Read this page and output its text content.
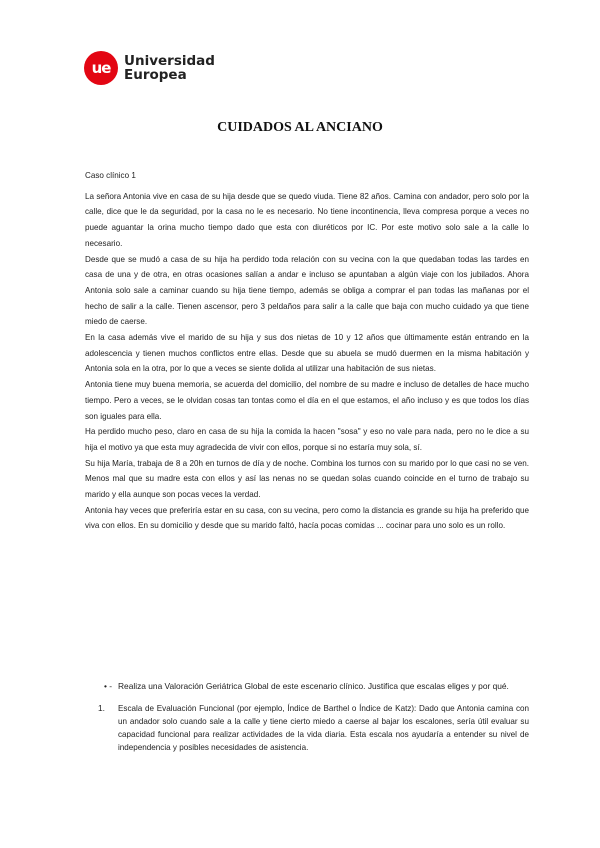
ue	Universidad
Europea
CUIDADOS AL ANCIANO

Caso clínico 1

La señora Antonia vive en casa de su hija desde que se quedo viuda. Tiene 82 años. Camina con andador, pero solo por la calle, dice que le da seguridad, por la casa no le es necesario. No tiene incontinencia, lleva compresa porque a veces no puede aguantar la orina mucho tiempo dado que esta con diuréticos por IC. Por este motivo solo sale a la calle lo necesario.

Desde que se mudó a casa de su hija ha perdido toda relación con su vecina con la que quedaban todas las tardes en casa de una y de otra, en otras ocasiones salían a andar e incluso se apuntaban a algún viaje con los jubilados. Ahora Antonia solo sale a caminar cuando su hija tiene tiempo, además se obliga a comprar el pan todas las mañanas por el hecho de salir a la calle. Tienen ascensor, pero 3 peldaños para salir a la calle que baja con mucho cuidado ya que tiene miedo de caerse.

En la casa además vive el marido de su hija y sus dos nietas de 10 y 12 años que últimamente están entrando en la adolescencia y tienen muchos conflictos entre ellas. Desde que su abuela se mudó duermen en la misma habitación y Antonia sola en la otra, por lo que a veces se siente dolida al utilizar una habitación de sus nietas.

Antonia tiene muy buena memoria, se acuerda del domicilio, del nombre de su madre e incluso de detalles de hace mucho tiempo. Pero a veces, se le olvidan cosas tan tontas como el día en el que estamos, el año incluso y es que todos los días son iguales para ella.

Ha perdido mucho peso, claro en casa de su hija la comida la hacen "sosa" y eso no vale para nada, pero no le dice a su hija el motivo ya que esta muy agradecida de vivir con ellos, porque si no estaría muy sola, sí.

Su hija María, trabaja de 8 a 20h en turnos de día y de noche. Combina los turnos con su marido por lo que casi no se ven. Menos mal que su madre esta con ellos y así las nenas no se quedan solas cuando coincide en el turno de trabajo su marido y ella aunque son pocas veces la verdad.

Antonia hay veces que preferiría estar en su casa, con su vecina, pero como la distancia es grande su hija ha preferido que viva con ellos. En su domicilio y desde que su marido faltó, hacía pocas comidas ... cocinar para uno solo es un rollo.

• - Realiza una Valoración Geriátrica Global de este escenario clínico. Justifica que escalas eliges y por qué.
1.	Escala de Evaluación Funcional (por ejemplo, Índice de Barthel o Índice de Katz): Dado que Antonia camina con un andador solo cuando sale a la calle y tiene cierto miedo a caerse al bajar los escalones, sería útil evaluar su capacidad funcional para realizar actividades de la vida diaria. Esta escala nos ayudaría a entender su nivel de independencia y posibles necesidades de asistencia.
